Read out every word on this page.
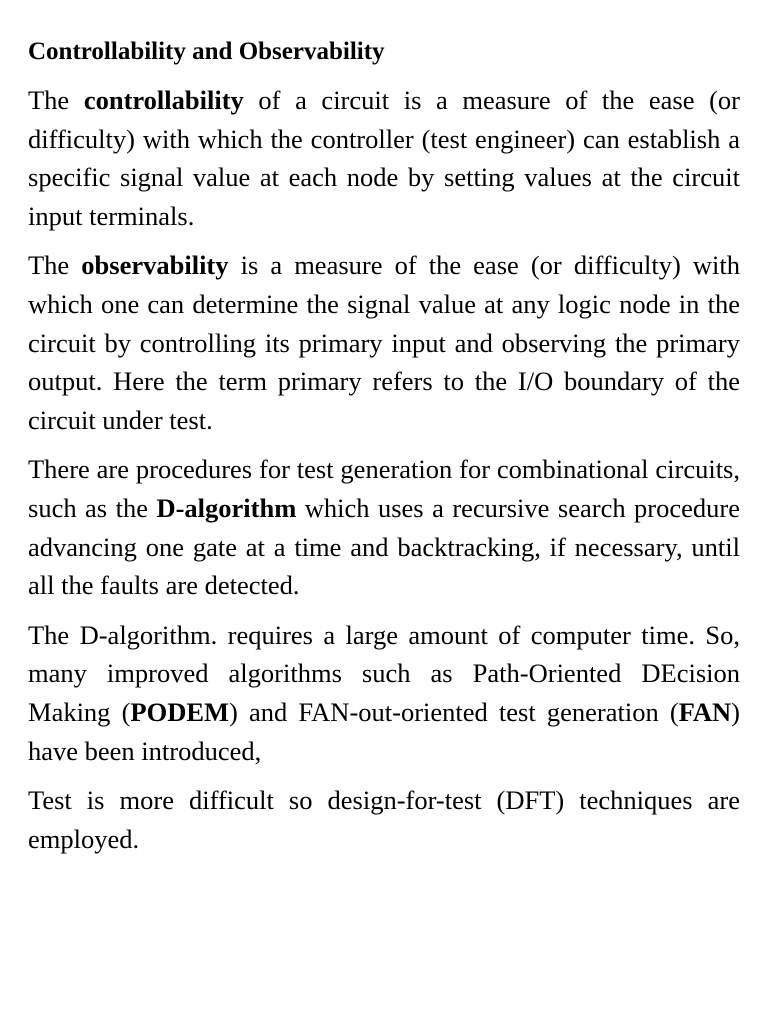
Controllability and Observability

The controllability of a circuit is a measure of the ease (or difficulty) with which the controller (test engineer) can establish a specific signal value at each node by setting values at the circuit input terminals.

The observability is a measure of the ease (or difficulty) with which one can determine the signal value at any logic node in the circuit by controlling its primary input and observing the primary output. Here the term primary refers to the I/O boundary of the circuit under test.

There are procedures for test generation for combinational circuits, such as the D-algorithm which uses a recursive search procedure advancing one gate at a time and backtracking, if necessary, until all the faults are detected.

The D-algorithm. requires a large amount of computer time. So, many improved algorithms such as Path-Oriented DEcision Making (PODEM) and FAN-out-oriented test generation (FAN) have been introduced,

Test is more difficult so design-for-test (DFT) techniques are employed.
